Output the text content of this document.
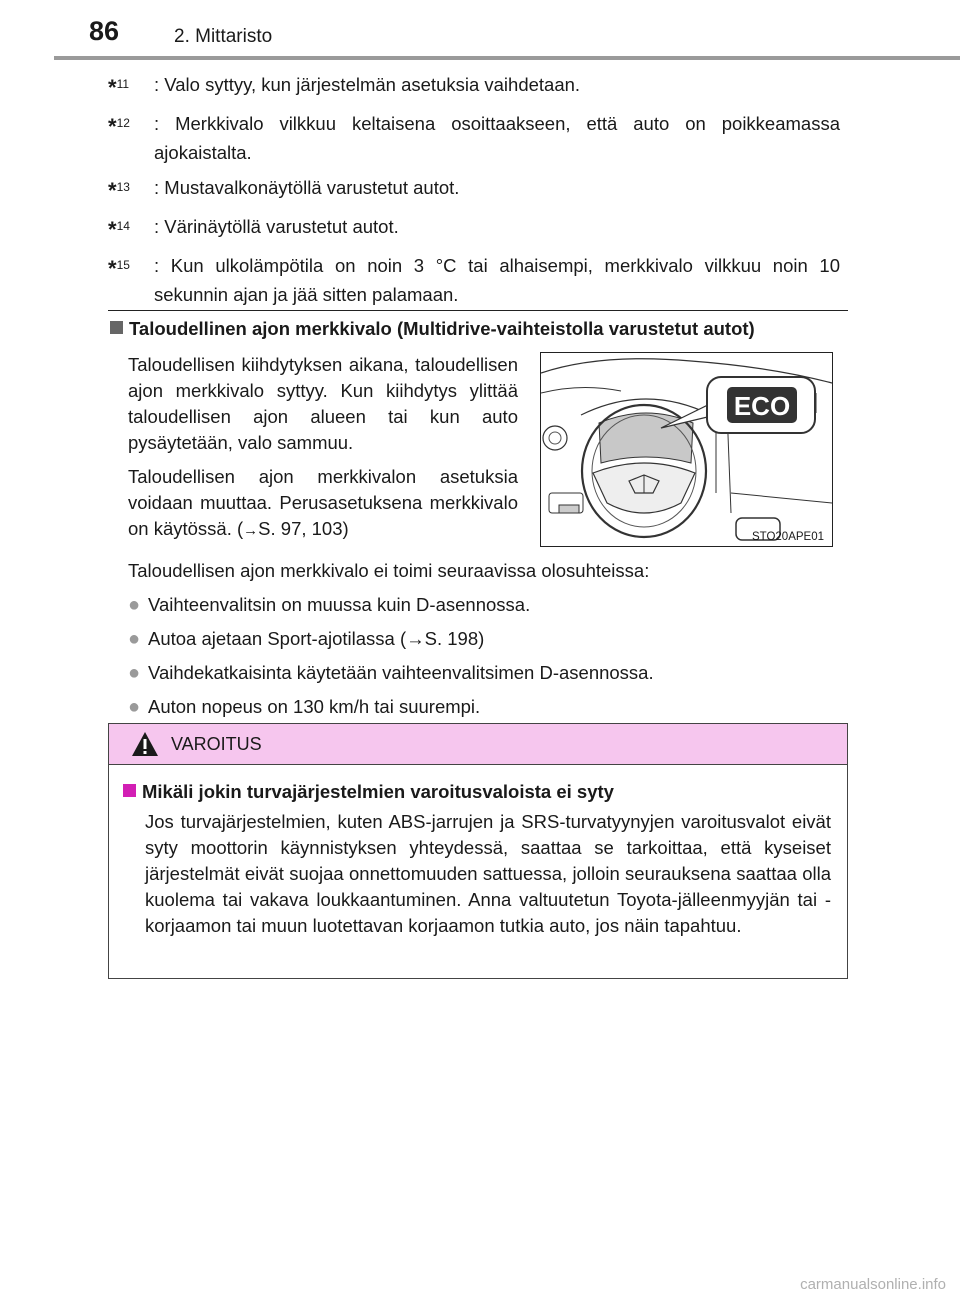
86	2. Mittaristo
*$^{11}$	: Valo syttyy, kun järjestelmän asetuksia vaihdetaan.
*$^{12}$	: Merkkivalo vilkkuu keltaisena osoittaakseen, että auto on poikkeamassa ajokaistalta.
*$^{13}$	: Mustavalkonäytöllä varustetut autot.
*$^{14}$	: Värinäytöllä varustetut autot.
*$^{15}$	: Kun ulkolämpötila on noin 3 °C tai alhaisempi, merkkivalo vilkkuu noin 10 sekunnin ajan ja jää sitten palamaan.
Taloudellinen ajon merkkivalo (Multidrive-vaihteistolla varustetut autot)

Taloudellisen kiihdytyksen aikana, taloudellisen ajon merkkivalo syttyy. Kun kiihdytys ylittää taloudellisen ajon alueen tai kun auto pysäytetään, valo sammuu.

Taloudellisen ajon merkkivalon asetuksia voidaan muuttaa. Perusasetuksena merkkivalo on käytössä. (→S. 97, 103)

ECO
STO20APE01

Taloudellisen ajon merkkivalo ei toimi seuraavissa olosuhteissa:

● Vaihteenvalitsin on muussa kuin D-asennossa.
● Autoa ajetaan Sport-ajotilassa (→S. 198)
● Vaihdekatkaisinta käytetään vaihteenvalitsimen D-asennossa.
● Auton nopeus on 130 km/h tai suurempi.
VAROITUS
Mikäli jokin turvajärjestelmien varoitusvaloista ei syty

Jos turvajärjestelmien, kuten ABS-jarrujen ja SRS-turvatyynyjen varoitusvalot eivät syty moottorin käynnistyksen yhteydessä, saattaa se tarkoittaa, että kyseiset järjestelmät eivät suojaa onnettomuuden sattuessa, jolloin seurauksena saattaa olla kuolema tai vakava loukkaantuminen. Anna valtuutetun Toyota-jälleenmyyjän tai -korjaamon tai muun luotettavan korjaamon tutkia auto, jos näin tapahtuu.

carmanualsonline.info
